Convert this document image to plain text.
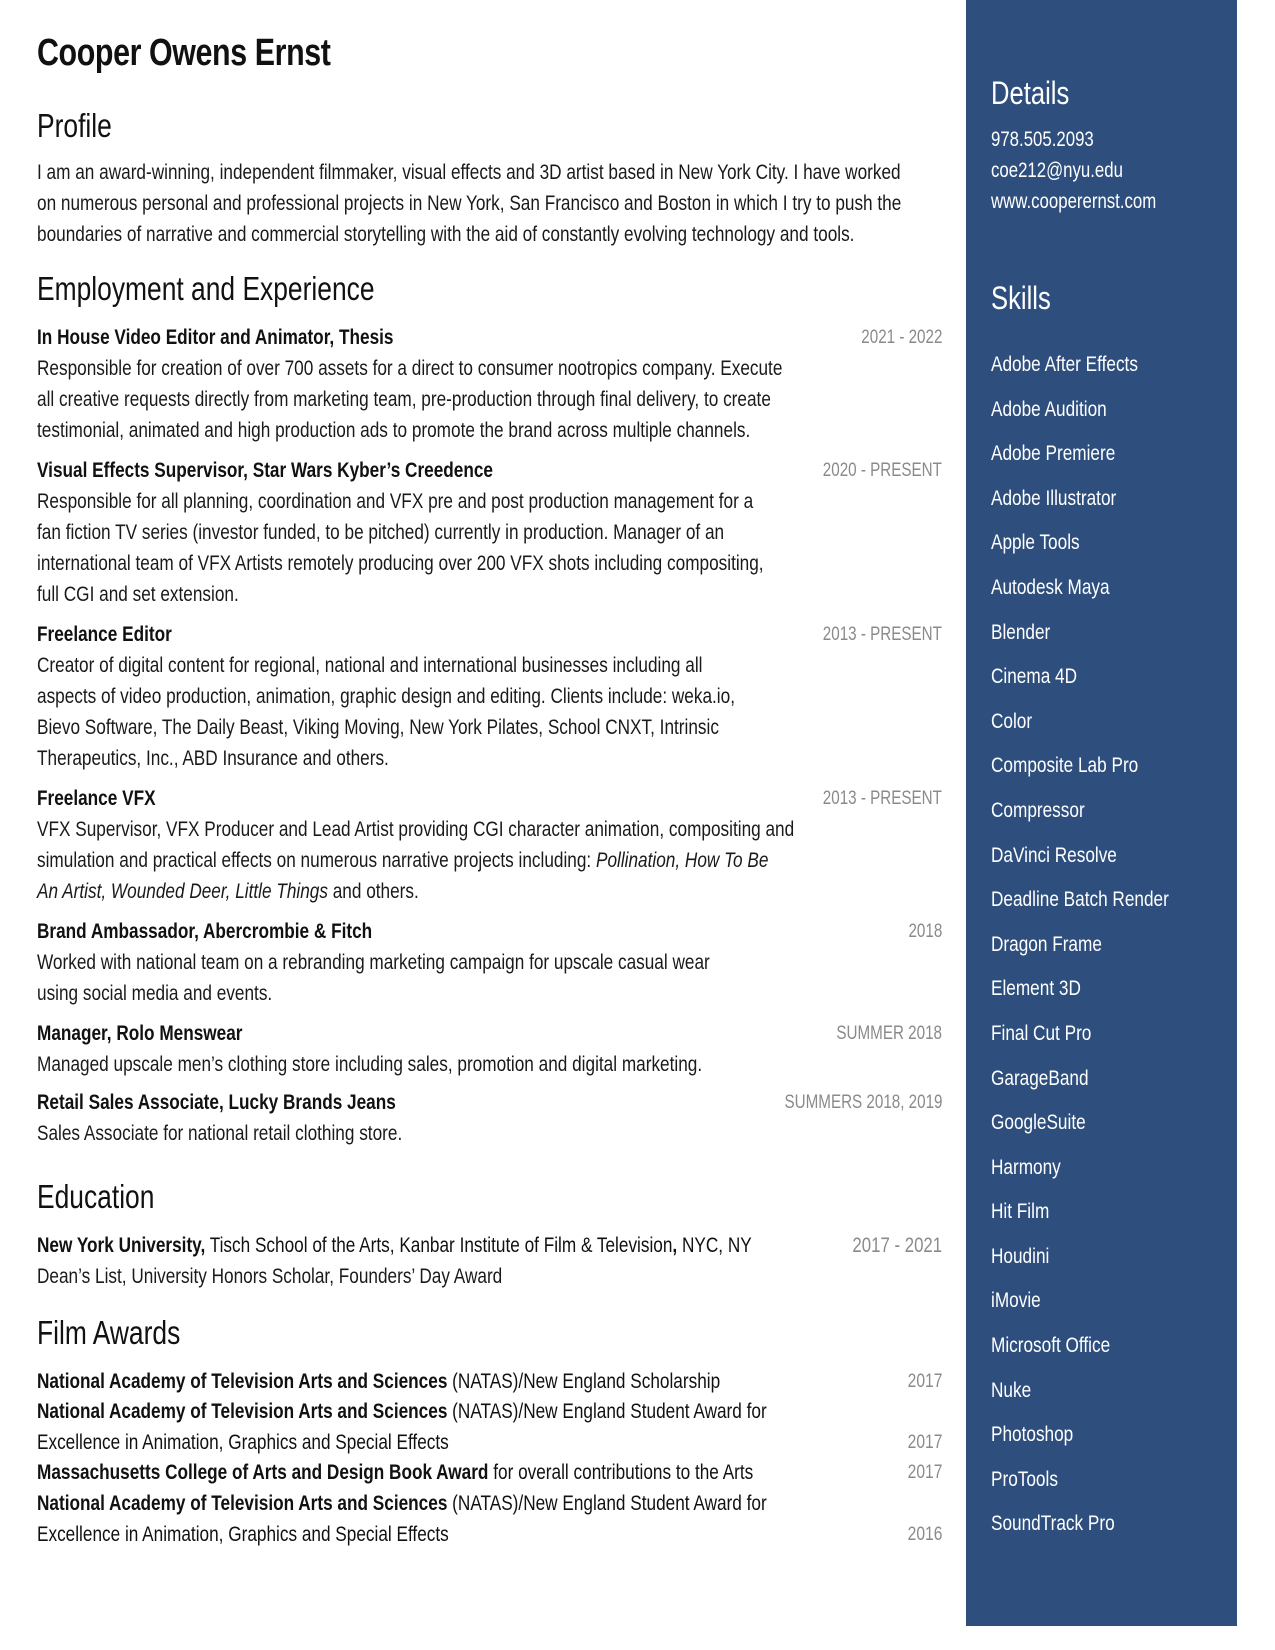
Cooper Owens Ernst
Profile
I am an award-winning, independent filmmaker, visual effects and 3D artist based in New York City. I have worked
on numerous personal and professional projects in New York, San Francisco and Boston in which I try to push the
boundaries of narrative and commercial storytelling with the aid of constantly evolving technology and tools.
Employment and Experience
In House Video Editor and Animator, Thesis	2021 - 2022
Responsible for creation of over 700 assets for a direct to consumer nootropics company. Execute
all creative requests directly from marketing team, pre-production through final delivery, to create
testimonial, animated and high production ads to promote the brand across multiple channels.
Visual Effects Supervisor, Star Wars Kyber’s Creedence	2020 - PRESENT
Responsible for all planning, coordination and VFX pre and post production management for a
fan fiction TV series (investor funded, to be pitched) currently in production. Manager of an
international team of VFX Artists remotely producing over 200 VFX shots including compositing,
full CGI and set extension.
Freelance Editor	2013 - PRESENT
Creator of digital content for regional, national and international businesses including all
aspects of video production, animation, graphic design and editing. Clients include: weka.io,
Bievo Software, The Daily Beast, Viking Moving, New York Pilates, School CNXT, Intrinsic
Therapeutics, Inc., ABD Insurance and others.
Freelance VFX	2013 - PRESENT
VFX Supervisor, VFX Producer and Lead Artist providing CGI character animation, compositing and
simulation and practical effects on numerous narrative projects including: Pollination, How To Be
An Artist, Wounded Deer, Little Things and others.
Brand Ambassador, Abercrombie & Fitch	2018
Worked with national team on a rebranding marketing campaign for upscale casual wear
using social media and events.
Manager, Rolo Menswear	SUMMER 2018
Managed upscale men’s clothing store including sales, promotion and digital marketing.
Retail Sales Associate, Lucky Brands Jeans	SUMMERS 2018, 2019
Sales Associate for national retail clothing store.
Education
New York University, Tisch School of the Arts, Kanbar Institute of Film & Television, NYC, NY	2017 - 2021
Dean’s List, University Honors Scholar, Founders’ Day Award
Film Awards
National Academy of Television Arts and Sciences (NATAS)/New England Scholarship	2017
National Academy of Television Arts and Sciences (NATAS)/New England Student Award for
Excellence in Animation, Graphics and Special Effects	2017
Massachusetts College of Arts and Design Book Award for overall contributions to the Arts	2017
National Academy of Television Arts and Sciences (NATAS)/New England Student Award for
Excellence in Animation, Graphics and Special Effects	2016
Details
978.505.2093
coe212@nyu.edu
www.cooperernst.com
Skills
Adobe After Effects
Adobe Audition
Adobe Premiere
Adobe Illustrator
Apple Tools
Autodesk Maya
Blender
Cinema 4D
Color
Composite Lab Pro
Compressor
DaVinci Resolve
Deadline Batch Render
Dragon Frame
Element 3D
Final Cut Pro
GarageBand
GoogleSuite
Harmony
Hit Film
Houdini
iMovie
Microsoft Office
Nuke
Photoshop
ProTools
SoundTrack Pro
